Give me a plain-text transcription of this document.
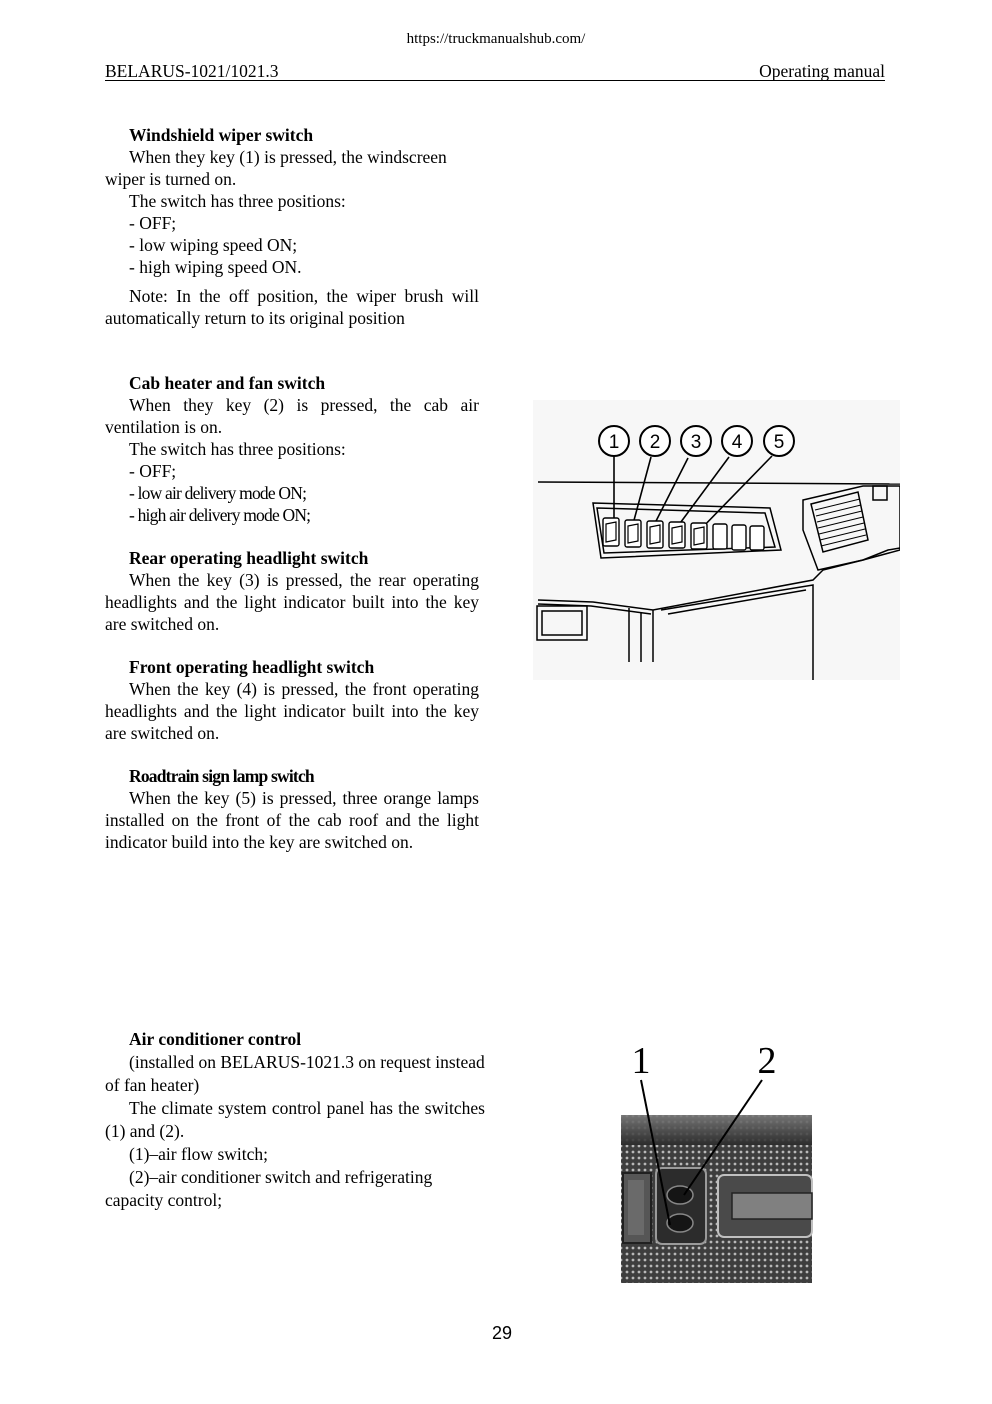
https://truckmanualshub.com/
BELARUS-1021/1021.3	Operating manual
Windshield wiper switch
When they key (1) is pressed, the windscreen wiper is turned on.
The switch has three positions:
- OFF;
- low wiping speed ON;
- high wiping speed ON.
Note: In the off position, the wiper brush will automatically return to its original position
Cab heater and fan switch
When they key (2) is pressed, the cab air ventilation is on.
The switch has three positions:
- OFF;
- low air delivery mode ON;
- high air delivery mode ON;
Rear operating headlight switch
When the key (3) is pressed, the rear operating headlights and the light indicator built into the key are switched on.
Front operating headlight switch
When the key (4) is pressed, the front operating headlights and the light indicator built into the key are switched on.
Roadtrain sign lamp switch
When the key (5) is pressed, three orange lamps installed on the front of the cab roof and the light indicator build into the key are switched on.
Air conditioner control
(installed on BELARUS-1021.3 on request instead of fan heater)
The climate system control panel has the switches (1) and (2).
(1)–air flow switch;
(2)–air conditioner switch and refrigerating capacity control;
1 2 3 4 5
1	2
29
